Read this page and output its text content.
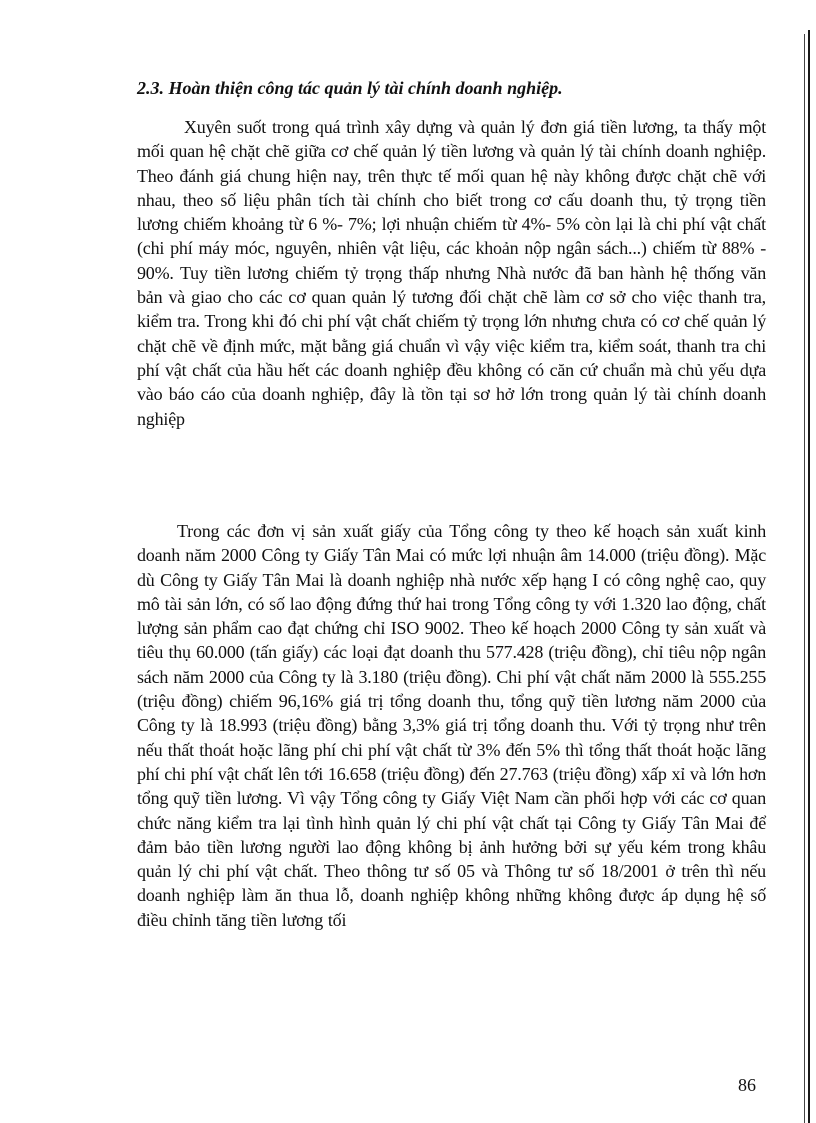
2.3. Hoàn thiện công tác quản lý tài chính doanh nghiệp.

Xuyên suốt trong quá trình xây dựng và quản lý đơn giá tiền lương, ta thấy một mối quan hệ chặt chẽ giữa cơ chế quản lý tiền lương và quản lý tài chính doanh nghiệp. Theo đánh giá chung hiện nay, trên thực tế mối quan hệ này không được chặt chẽ với nhau, theo số liệu phân tích tài chính cho biết trong cơ cấu doanh thu, tỷ trọng tiền lương chiếm khoảng từ 6 %- 7%; lợi nhuận chiếm từ 4%- 5% còn lại là chi phí vật chất (chi phí máy móc, nguyên, nhiên vật liệu, các khoản nộp ngân sách...) chiếm từ 88% - 90%. Tuy tiền lương chiếm tỷ trọng thấp nhưng Nhà nước đã ban hành hệ thống văn bản và giao cho các cơ quan quản lý tương đối chặt chẽ làm cơ sở cho việc thanh tra, kiểm tra. Trong khi đó chi phí vật chất chiếm tỷ trọng lớn nhưng chưa có cơ chế quản lý chặt chẽ về định mức, mặt bằng giá chuẩn vì vậy việc kiểm tra, kiểm soát, thanh tra chi phí vật chất của hầu hết các doanh nghiệp đều không có căn cứ chuẩn mà chủ yếu dựa vào báo cáo của doanh nghiệp, đây là tồn tại sơ hở lớn trong quản lý tài chính doanh nghiệp

Trong các đơn vị sản xuất giấy của Tổng công ty theo kế hoạch sản xuất kinh doanh năm 2000 Công ty Giấy Tân Mai có mức lợi nhuận âm 14.000 (triệu đồng). Mặc dù Công ty Giấy Tân Mai là doanh nghiệp nhà nước xếp hạng I có công nghệ cao, quy mô tài sản lớn, có số lao động đứng thứ hai trong Tổng công ty với 1.320 lao động, chất lượng sản phẩm cao đạt chứng chỉ ISO 9002. Theo kế hoạch 2000 Công ty sản xuất và tiêu thụ 60.000 (tấn giấy) các loại đạt doanh thu 577.428 (triệu đồng), chỉ tiêu nộp ngân sách năm 2000 của Công ty là 3.180 (triệu đồng). Chi phí vật chất năm 2000 là 555.255 (triệu đồng) chiếm 96,16% giá trị tổng doanh thu, tổng quỹ tiền lương năm 2000 của Công ty là 18.993 (triệu đồng) bằng 3,3% giá trị tổng doanh thu. Với tỷ trọng như trên nếu thất thoát hoặc lãng phí chi phí vật chất từ 3% đến 5% thì tổng thất thoát hoặc lãng phí chi phí vật chất lên tới 16.658 (triệu đồng) đến 27.763 (triệu đồng) xấp xỉ và lớn hơn tổng quỹ tiền lương. Vì vậy Tổng công ty Giấy Việt Nam cần phối hợp với các cơ quan chức năng kiểm tra lại tình hình quản lý chi phí vật chất tại Công ty Giấy Tân Mai để đảm bảo tiền lương người lao động không bị ảnh hưởng bởi sự yếu kém trong khâu quản lý chi phí vật chất. Theo thông tư số 05 và Thông tư số 18/2001 ở trên thì nếu doanh nghiệp làm ăn thua lỗ, doanh nghiệp không những không được áp dụng hệ số điều chỉnh tăng tiền lương tối

86
